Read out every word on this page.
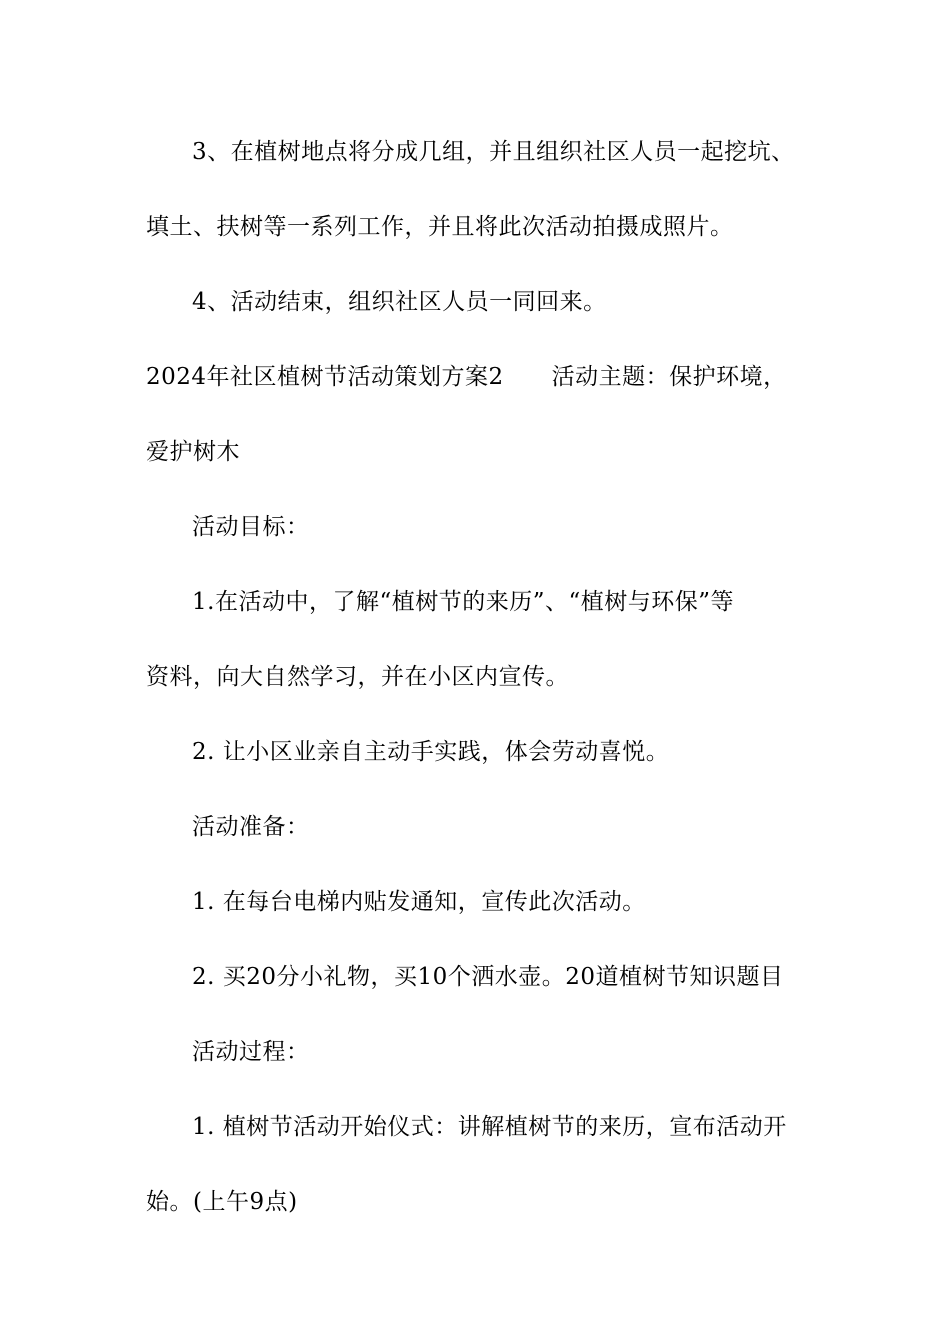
3、在植树地点将分成几组，并且组织社区人员一起挖坑、
填土、扶树等一系列工作，并且将此次活动拍摄成照片。
4、活动结束，组织社区人员一同回来。
2024年社区植树节活动策划方案2 活动主题：保护环境，
爱护树木
活动目标：
1.在活动中，了解“植树节的来历”、“植树与环保”等
资料，向大自然学习，并在小区内宣传。
2. 让小区业亲自主动手实践，体会劳动喜悦。
活动准备：
1. 在每台电梯内贴发通知，宣传此次活动。
2. 买20分小礼物，买10个洒水壶。20道植树节知识题目
活动过程：
1. 植树节活动开始仪式：讲解植树节的来历，宣布活动开
始。(上午9点)
